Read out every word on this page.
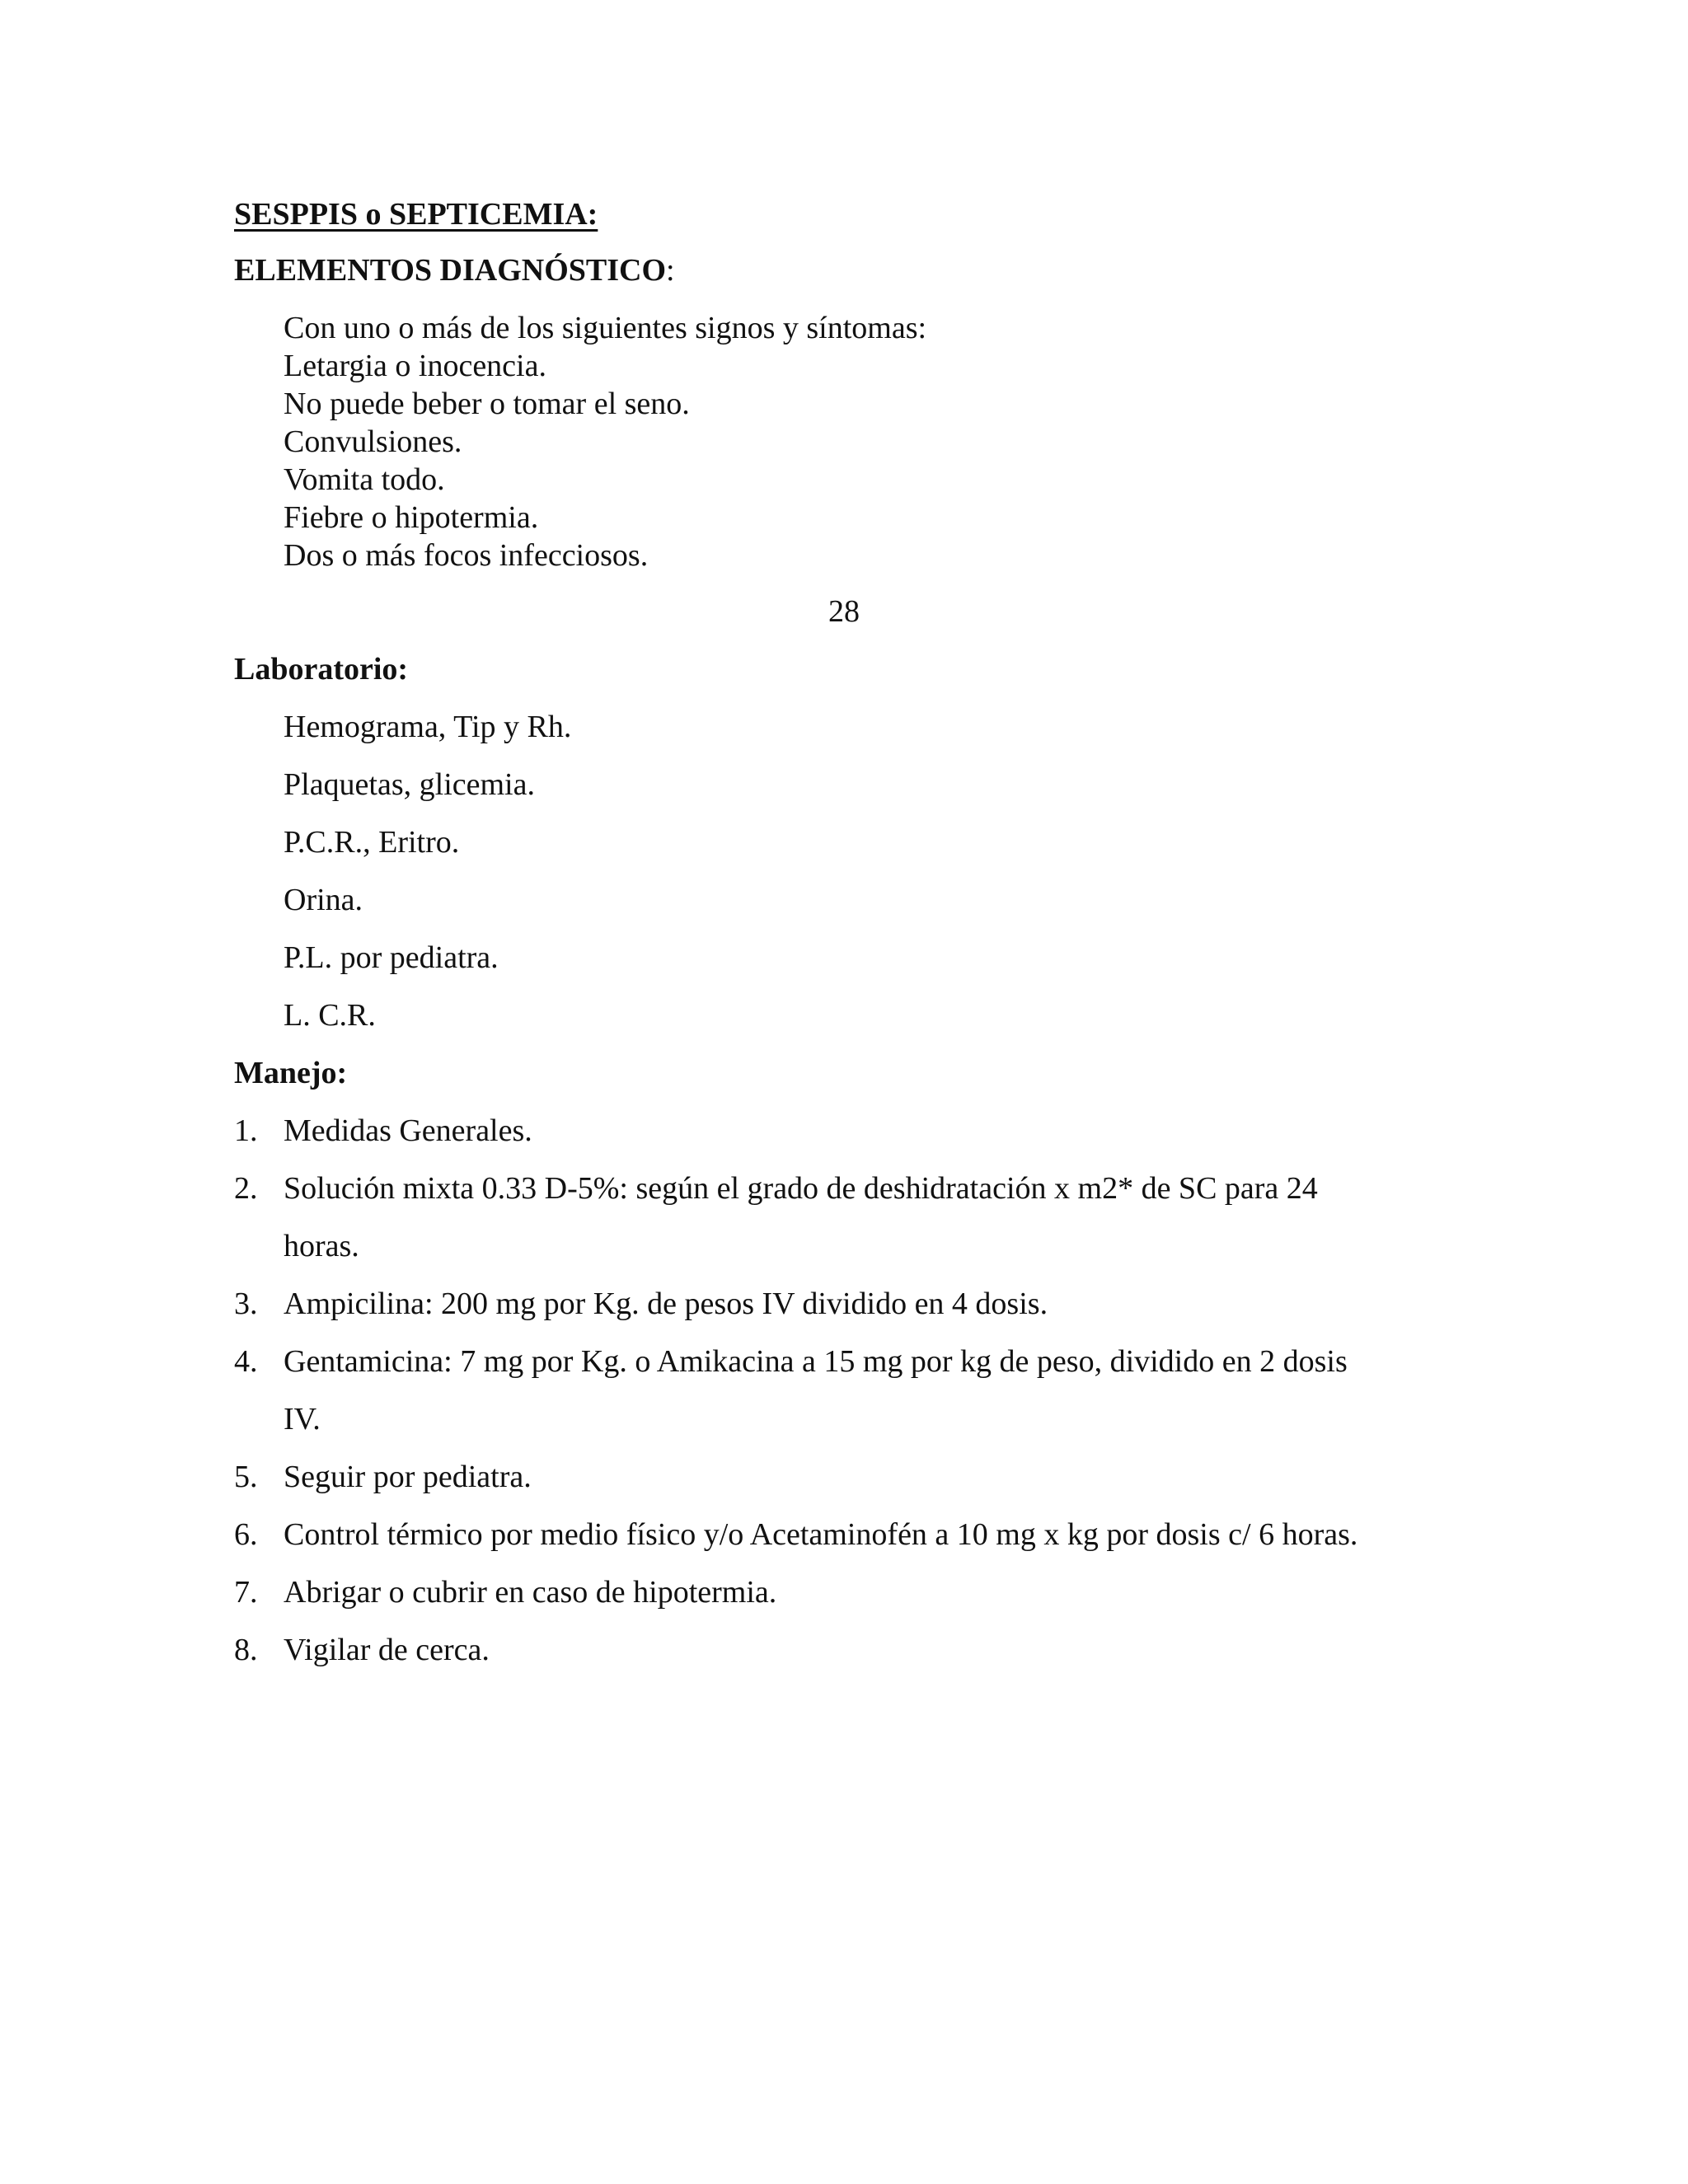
SESPPIS o SEPTICEMIA:
ELEMENTOS DIAGNÓSTICO:
Con uno o más de los siguientes signos y síntomas:
Letargia o inocencia.
No puede beber o tomar el seno.
Convulsiones.
Vomita todo.
Fiebre o hipotermia.
Dos o más focos infecciosos.
28
Laboratorio:
Hemograma, Tip y Rh.
Plaquetas, glicemia.
P.C.R., Eritro.
Orina.
P.L. por pediatra.
L. C.R.
Manejo:
1. Medidas Generales.
2. Solución mixta 0.33 D-5%: según el grado de deshidratación x m2* de SC para 24
horas.
3. Ampicilina: 200 mg por Kg. de pesos IV dividido en 4 dosis.
4. Gentamicina: 7 mg por Kg. o Amikacina a 15 mg por kg de peso, dividido en 2 dosis
IV.
5. Seguir por pediatra.
6. Control térmico por medio físico y/o Acetaminofén a 10 mg x kg por dosis c/ 6 horas.
7. Abrigar o cubrir en caso de hipotermia.
8. Vigilar de cerca.
